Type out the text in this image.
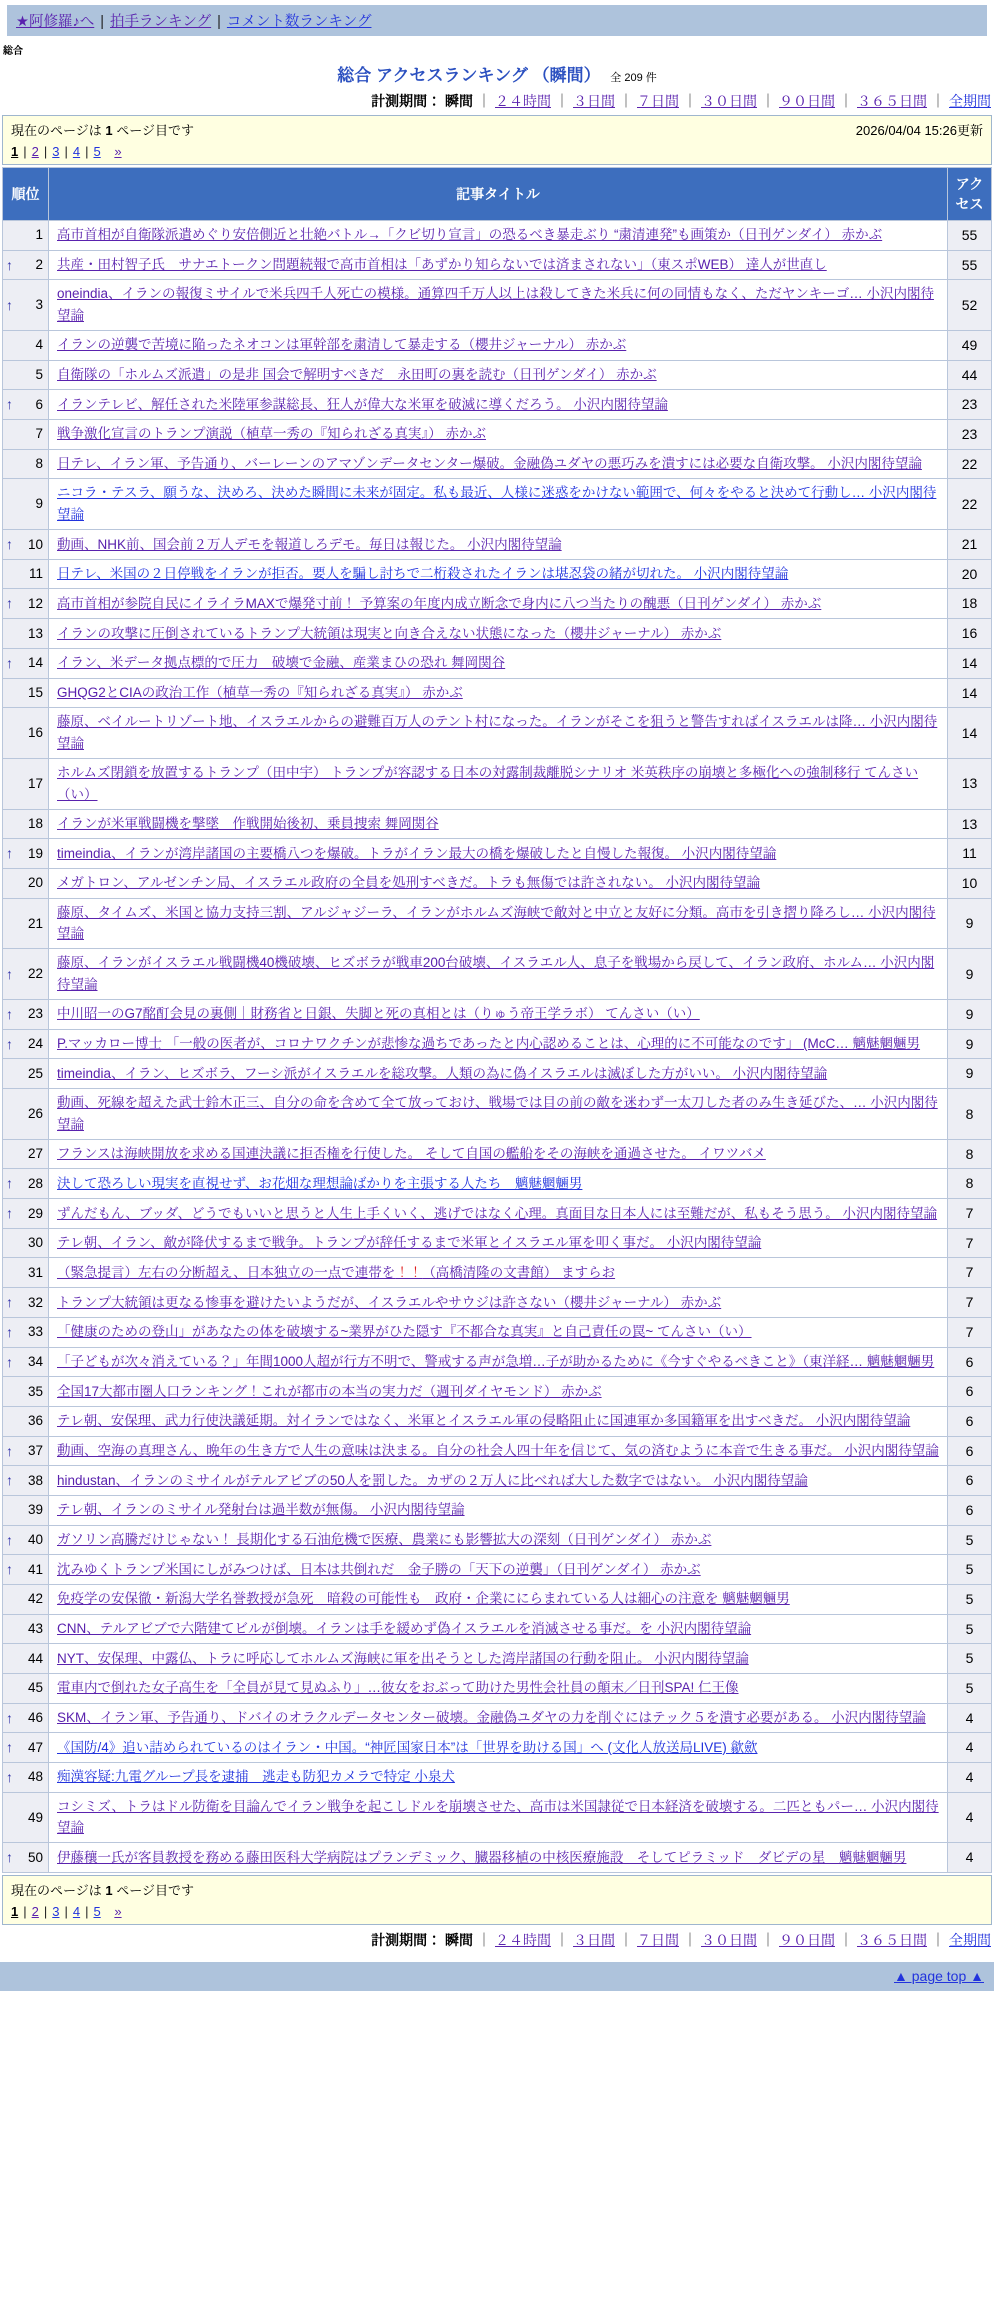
★阿修羅♪へ | 拍手ランキング | コメント数ランキング
総合
総合 アクセスランキング （瞬間） 全 209 件
計測期間： 瞬間 ｜ ２４時間 ｜ ３日間 ｜ ７日間 ｜ ３０日間 ｜ ９０日間 ｜ ３６５日間 ｜ 全期間
現在のページは 1 ページ目です	2026/04/04 15:26更新
1 | 2 | 3 | 4 | 5 »
順位	記事タイトル	アクセス

1	高市首相が自衛隊派遣めぐり安倍側近と壮絶バトル→「クビ切り宣言」の恐るべき暴走ぶり “粛清連発”も画策か（日刊ゲンダイ） 赤かぶ	55

↑ 2	共産・田村智子氏　サナエトークン問題続報で高市首相は「あずかり知らないでは済まされない」（東スポWEB） 達人が世直し	55

↑ 3	oneindia、イランの報復ミサイルで米兵四千人死亡の模様。通算四千万人以上は殺してきた米兵に何の同情もなく、ただヤンキーゴ… 小沢内閣待望論	52

4	イランの逆襲で苦境に陥ったネオコンは軍幹部を粛清して暴走する（櫻井ジャーナル） 赤かぶ	49

5	自衛隊の「ホルムズ派遣」の是非 国会で解明すべきだ　永田町の裏を読む（日刊ゲンダイ） 赤かぶ	44

↑ 6	イランテレビ、解任された米陸軍参謀総長、狂人が偉大な米軍を破滅に導くだろう。 小沢内閣待望論	23

7	戦争激化宣言のトランプ演説（植草一秀の『知られざる真実』） 赤かぶ	23

8	日テレ、イラン軍、予告通り、バーレーンのアマゾンデータセンター爆破。金融偽ユダヤの悪巧みを潰すには必要な自衛攻撃。 小沢内閣待望論	22

9	ニコラ・テスラ、願うな、決めろ、決めた瞬間に未来が固定。私も最近、人様に迷惑をかけない範囲で、何々をやると決めて行動し… 小沢内閣待望論	22

↑ 10	動画、NHK前、国会前２万人デモを報道しろデモ。毎日は報じた。 小沢内閣待望論	21

11	日テレ、米国の２日停戦をイランが拒否。要人を騙し討ちで二桁殺されたイランは堪忍袋の緒が切れた。 小沢内閣待望論	20

↑ 12	高市首相が参院自民にイライラMAXで爆発寸前！ 予算案の年度内成立断念で身内に八つ当たりの醜悪（日刊ゲンダイ） 赤かぶ	18

13	イランの攻撃に圧倒されているトランプ大統領は現実と向き合えない状態になった（櫻井ジャーナル） 赤かぶ	16

↑ 14	イラン、米データ拠点標的で圧力　破壊で金融、産業まひの恐れ 舞岡関谷	14

15	GHQG2とCIAの政治工作（植草一秀の『知られざる真実』） 赤かぶ	14

16	藤原、ベイルートリゾート地、イスラエルからの避難百万人のテント村になった。イランがそこを狙うと警告すればイスラエルは降… 小沢内閣待望論	14

17	ホルムズ閉鎖を放置するトランプ（田中宇） トランプが容認する日本の対露制裁離脱シナリオ 米英秩序の崩壊と多極化への強制移行 てんさい（い）	13

18	イランが米軍戦闘機を撃墜　作戦開始後初、乗員捜索 舞岡関谷	13

↑ 19	timeindia、イランが湾岸諸国の主要橋八つを爆破。トラがイラン最大の橋を爆破したと自慢した報復。 小沢内閣待望論	11

20	メガトロン、アルゼンチン局、イスラエル政府の全員を処刑すべきだ。トラも無傷では許されない。 小沢内閣待望論	10

21	藤原、タイムズ、米国と協力支持三割、アルジャジーラ、イランがホルムズ海峡で敵対と中立と友好に分類。高市を引き摺り降ろし… 小沢内閣待望論	9

↑ 22	藤原、イランがイスラエル戦闘機40機破壊、ヒズボラが戦車200台破壊、イスラエル人、息子を戦場から戻して、イラン政府、ホルム… 小沢内閣待望論	9

↑ 23	中川昭一のG7酩酊会見の裏側｜財務省と日銀、失脚と死の真相とは（りゅう帝王学ラボ） てんさい（い）	9

↑ 24	P.マッカロー博士 「一般の医者が、コロナワクチンが悲惨な過ちであったと内心認めることは、心理的に不可能なのです」 (McC… 魑魅魍魎男	9

25	timeindia、イラン、ヒズボラ、フーシ派がイスラエルを総攻撃。人類の為に偽イスラエルは滅ぼした方がいい。 小沢内閣待望論	9

26	動画、死線を超えた武士鈴木正三、自分の命を含めて全て放っておけ、戦場では目の前の敵を迷わず一太刀した者のみ生き延びた、… 小沢内閣待望論	8

27	フランスは海峡開放を求める国連決議に拒否権を行使した。 そして自国の艦船をその海峡を通過させた。 イワツバメ	8

↑ 28	決して恐ろしい現実を直視せず、お花畑な理想論ばかりを主張する人たち　魑魅魍魎男	8

↑ 29	ずんだもん、ブッダ、どうでもいいと思うと人生上手くいく、逃げではなく心理。真面目な日本人には至難だが、私もそう思う。 小沢内閣待望論	7

30	テレ朝、イラン、敵が降伏するまで戦争。トランプが辞任するまで米軍とイスラエル軍を叩く事だ。 小沢内閣待望論	7

31	（緊急提言）左右の分断超え、日本独立の一点で連帯を！！（高橋清隆の文書館） ますらお	7

↑ 32	トランプ大統領は更なる惨事を避けたいようだが、イスラエルやサウジは許さない（櫻井ジャーナル） 赤かぶ	7

↑ 33	「健康のための登山」があなたの体を破壊する~業界がひた隠す『不都合な真実』と自己責任の罠~ てんさい（い）	7

↑ 34	「子どもが次々消えている？」年間1000人超が行方不明で、警戒する声が急増…子が助かるために《今すぐやるべきこと》（東洋経… 魑魅魍魎男	6

35	全国17大都市圏人口ランキング！これが都市の本当の実力だ（週刊ダイヤモンド） 赤かぶ	6

36	テレ朝、安保理、武力行使決議延期。対イランではなく、米軍とイスラエル軍の侵略阻止に国連軍か多国籍軍を出すべきだ。 小沢内閣待望論	6

↑ 37	動画、空海の真理さん、晩年の生き方で人生の意味は決まる。自分の社会人四十年を信じて、気の済むように本音で生きる事だ。 小沢内閣待望論	6

↑ 38	hindustan、イランのミサイルがテルアビブの50人を罰した。カザの２万人に比べれば大した数字ではない。 小沢内閣待望論	6

39	テレ朝、イランのミサイル発射台は過半数が無傷。 小沢内閣待望論	6

↑ 40	ガソリン高騰だけじゃない！ 長期化する石油危機で医療、農業にも影響拡大の深刻（日刊ゲンダイ） 赤かぶ	5

↑ 41	沈みゆくトランプ米国にしがみつけば、日本は共倒れだ　金子勝の「天下の逆襲」（日刊ゲンダイ） 赤かぶ	5

42	免疫学の安保徹・新潟大学名誉教授が急死　暗殺の可能性も　政府・企業ににらまれている人は細心の注意を 魑魅魍魎男	5

43	CNN、テルアビブで六階建てビルが倒壊。イランは手を緩めず偽イスラエルを消滅させる事だ。を 小沢内閣待望論	5

44	NYT、安保理、中露仏、トラに呼応してホルムズ海峡に軍を出そうとした湾岸諸国の行動を阻止。 小沢内閣待望論	5

45	電車内で倒れた女子高生を「全員が見て見ぬふり」…彼女をおぶって助けた男性会社員の顛末／日刊SPA! 仁王像	5

↑ 46	SKM、イラン軍、予告通り、ドバイのオラクルデータセンター破壊。金融偽ユダヤの力を削ぐにはテック５を潰す必要がある。 小沢内閣待望論	4

↑ 47	《国防/4》追い詰められているのはイラン・中国。“神匠国家日本”は「世界を助ける国」へ (文化人放送局LIVE) 歙歛	4

↑ 48	痴漢容疑:九電グループ長を逮捕　逃走も防犯カメラで特定 小泉犬	4

49	コシミズ、トラはドル防衛を目論んでイラン戦争を起こしドルを崩壊させた、高市は米国隷従で日本経済を破壊する。二匹ともパー… 小沢内閣待望論	4

↑ 50	伊藤穰一氏が客員教授を務める藤田医科大学病院はプランデミック、臓器移植の中核医療施設　そしてピラミッド　ダビデの星　魑魅魍魎男	4
現在のページは 1 ページ目です
1 | 2 | 3 | 4 | 5 »
計測期間： 瞬間 ｜ ２４時間 ｜ ３日間 ｜ ７日間 ｜ ３０日間 ｜ ９０日間 ｜ ３６５日間 ｜ 全期間
▲ page top ▲
